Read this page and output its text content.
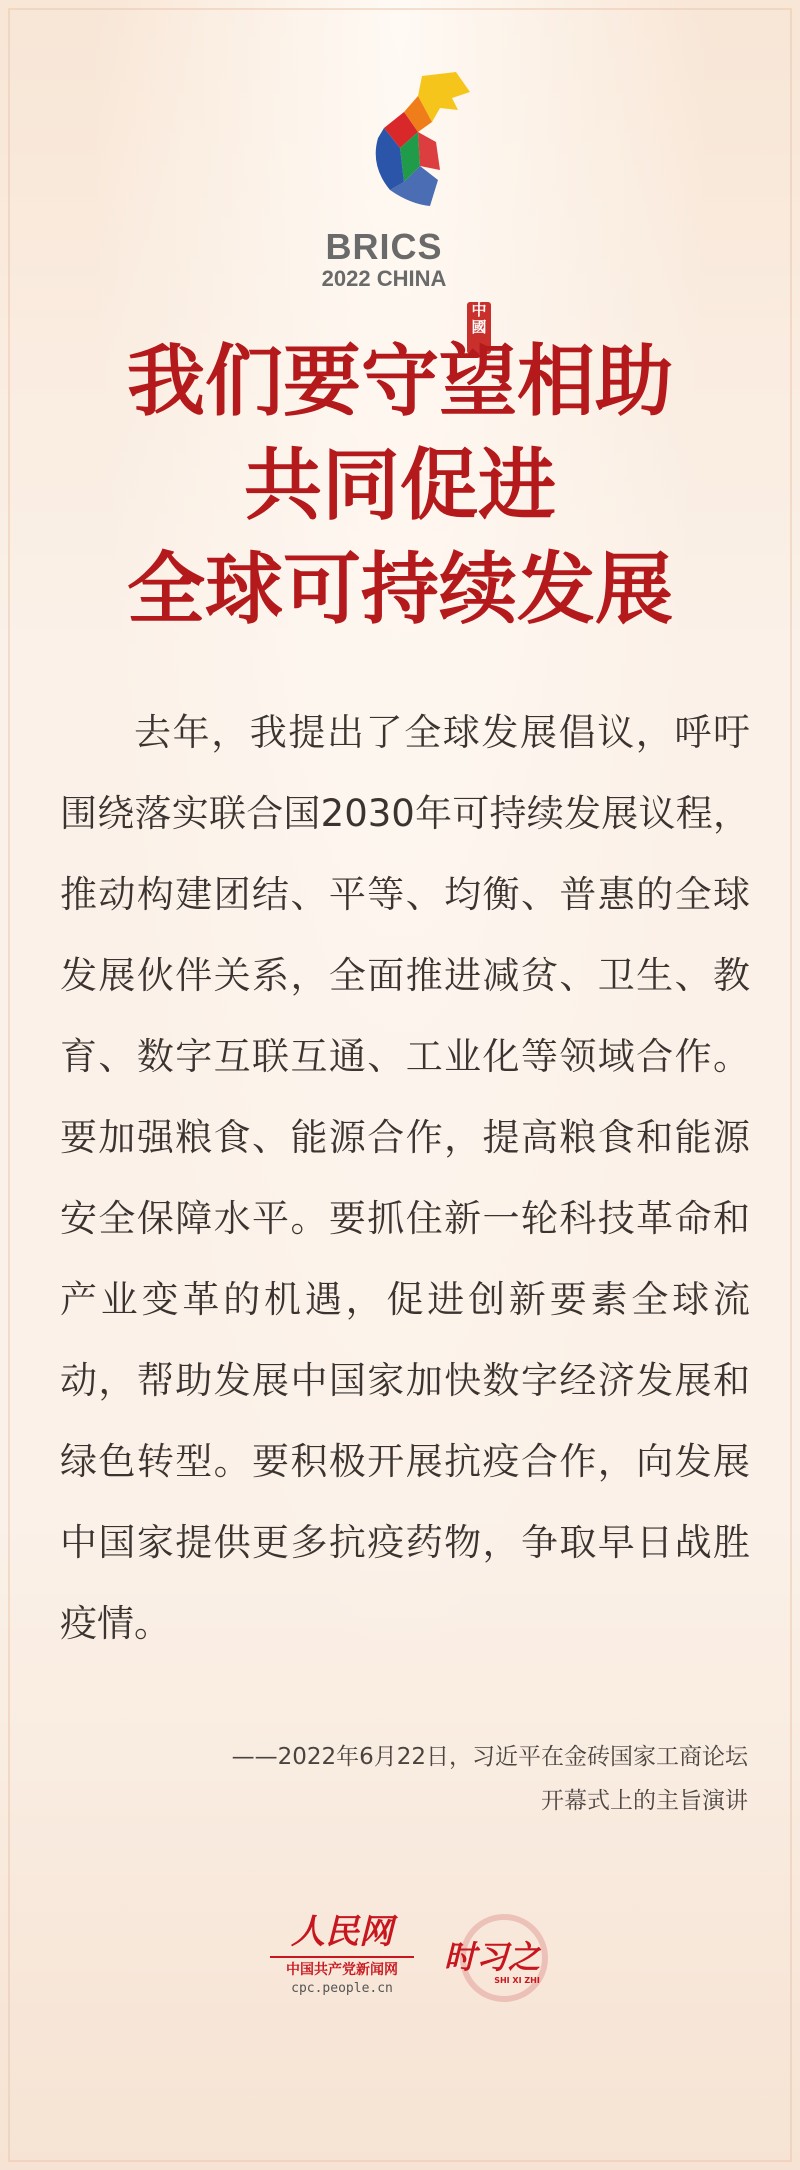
BRICS
2022 CHINA
中國
我们要守望相助
共同促进
全球可持续发展
去年，我提出了全球发展倡议，呼吁围绕落实联合国2030年可持续发展议程，推动构建团结、平等、均衡、普惠的全球发展伙伴关系，全面推进减贫、卫生、教育、数字互联互通、工业化等领域合作。要加强粮食、能源合作，提高粮食和能源安全保障水平。要抓住新一轮科技革命和产业变革的机遇，促进创新要素全球流动，帮助发展中国家加快数字经济发展和绿色转型。要积极开展抗疫合作，向发展中国家提供更多抗疫药物，争取早日战胜疫情。
——2022年6月22日，习近平在金砖国家工商论坛
开幕式上的主旨演讲
人民网
中国共产党新闻网
cpc.people.cn
时习之
SHI XI ZHI
